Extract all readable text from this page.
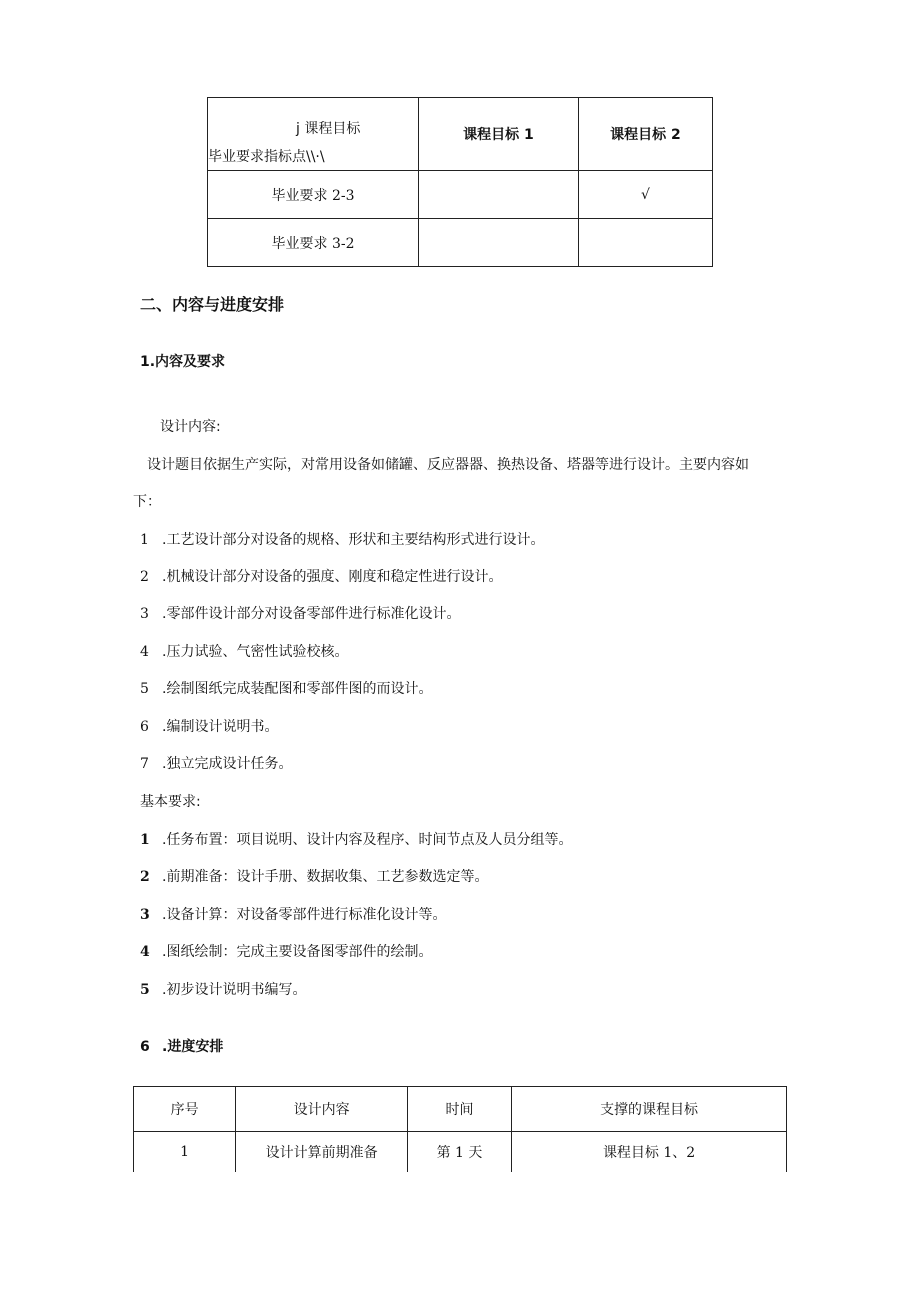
j 课程目标
毕业要求指标点\\·\	课程目标 1	课程目标 2
毕业要求 2-3		√
毕业要求 3-2		
二、内容与进度安排
1.内容及要求
设计内容:
设计题目依据生产实际，对常用设备如储罐、反应器器、换热设备、塔器等进行设计。主要内容如
下：
1 .工艺设计部分对设备的规格、形状和主要结构形式进行设计。
2 .机械设计部分对设备的强度、刚度和稳定性进行设计。
3 .零部件设计部分对设备零部件进行标准化设计。
4 .压力试验、气密性试验校核。
5 .绘制图纸完成装配图和零部件图的而设计。
6 .编制设计说明书。
7 .独立完成设计任务。
基本要求:
1 .任务布置：项目说明、设计内容及程序、时间节点及人员分组等。
2 .前期准备：设计手册、数据收集、工艺参数选定等。
3 .设备计算：对设备零部件进行标准化设计等。
4 .图纸绘制：完成主要设备图零部件的绘制。
5 .初步设计说明书编写。
6 .进度安排
序号	设计内容	时间	支撑的课程目标
1	设计计算前期准备	第 1 天	课程目标 1、2
